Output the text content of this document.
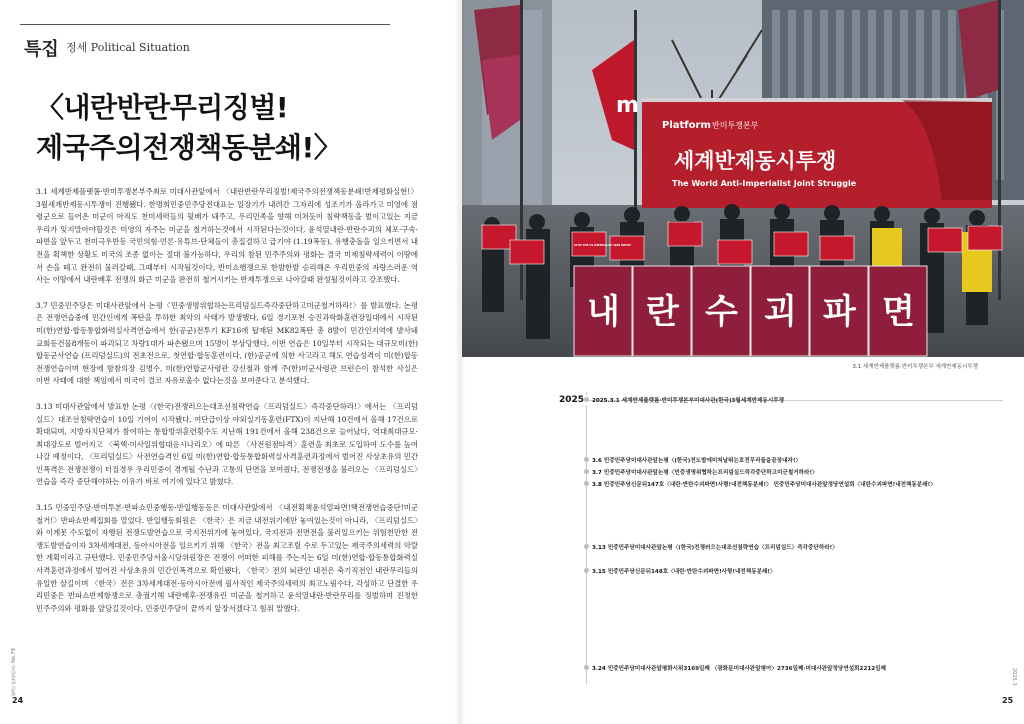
특집 정세 Political Situation
〈내란반란무리징벌!
제국주의전쟁책동분쇄!〉

3.1 세계반제플랫폼·반미투쟁본부주최로 미대사관앞에서 〈내란반란무리징벌!제국주의전쟁책동분쇄!반제평화실현!〉3월세계반제동시투쟁이 진행됐다. 한명희민중민주당전대표는 일장기가 내려간 그자리에 성조기가 올라가고 미영에 점령군으로 들어온 미군이 아직도 천미세력들의 뒷배가 돼주고, 우리민족을 향해 미쳐듯이 침략책동을 벌이고있는 지금 우리가 잊지말아야할것은 미영의 자주는 미군을 철거하는것에서 시작된다는것이다, 윤석열내란·반란수괴의 체포·구속·파면을 앞두고 천미극우반동 국민의힘·언론·유튜브·단체들이 총집결하고 급기야 (1.19폭동), 유행충돌을 일으키면서 내전을 획책한 상황도 미국의 조종 없이는 절대 불가능하다, 우리의 참된 민주주의와 평화는 결국 미제침략세력이 이땅에서 손을 떼고 완전히 물러갈때, 그때부터 시작될것이다, 반미쇼행쟁으로 한발한발 승리해온 우리민중의 자랑스러운 역사는 이땅에서 내란배후 전쟁의 화근 미군을 완전히 철거시키는 반제투쟁으로 나아갈때 완성될것이라고 강조했다.

3.7 민중민주당은 미대사관앞에서 논평〈민중생명위협하는프리덤실드즉각중단하고미군철거하라!〉를 발표했다. 논평은 전쟁연습중에 민간인에게 폭탄을 투하한 최악의 사태가 발생했다, 6일 경기포천 승진과학화훈련장일대에서 시작된 미(한)연합·합동통합화력실사격연습에서 한(공군)전투기 KF16에 탑재된 MK82폭탄 총 8발이 민간인지역에 발사돼 교회등건물8개동이 파괴되고 차량1대가 파손됐으며 15명이 부상당했다, 이번 연습은 10일부터 시작되는 대규모미(한)합동군사연습 (프리덤실드)의 전초전으로, 첫연합·합동훈련이다, (한)공군에 의한 사고라고 해도 연습성격이 미(한)합동전쟁연습이며 현장에 함참의장 김병수, 미(한)연합군사령관 강신철과 함께 주(한)미군사령관 브런슨이 참석한 사실은 이번 사태에 대한 책임에서 미국이 결코 자유로울수 없다는것을 보여준다고 분석했다.

3.13 미대사관앞에서 발표한 논평〈(한국)전쟁러으는대조선침략연습〈프리덤실드〉즉각중단하라!〉에서는 〈프리덤실드〉대조선침략연습이 10일 기어이 시작됐다, 여단급이상 야외실기동훈련(FTX)이 지난해 10건에서 올해 17건으로 확대되며, 지방자치단체가 참여하는 통합방위훈련횟수도 지난해 191건에서 올해 238건으로 늘어났다, 역대최대규모·최대강도로 벌어지고 〈북핵·미사일위협대응시나리오〉에 따른 〈사전원점타격〉훈련을 최초로 도입하여 도수를 높여나갈 예정이다, 〈프리덤실드〉사전연습격인 6일 미(한)연합·합동통합화력실사격훈련과정에서 벌어진 사상초유의 민간인폭격은 전쟁전쟁이 터질경우 우리민중이 겪게될 수난과 고통의 단면을 보여줬다, 전쟁전쟁을 불러오는 〈프리덤실드〉연습을 즉각 중단해야하는 이유가 바로 여기에 있다고 밝혔다.

3.15 민중민주당·반미투본·반파쇼민중행동·반일행동등은 미대사관앞에서 〈내전획책윤석열파면!핵전쟁연습중단!미군철거!〉반파쇼반제집회를 열었다. 반일행동회원은 〈한국〉은 지금 내전위기에만 놓여있는것이 아니라, 〈프리덤실드〉와 이계못 수도없이 자행된 전쟁도발연습으로 국지전위기에 놓여있다, 국지전과 전면전을 불러일으키는 위험천만한 전쟁도발연습이자 3차세계대전, 동아시아전을 일으키기 위해 〈한국〉전을 최고조릴 수로 두고있는 제국주의세력의 악랄한 계획이라고 규탄했다. 민중민주당서울시당위원장은 전쟁이 어떠한 피해를 주는지는 6일 미(한)연합·합동통합화력실사격훈련과정에서 벌어진 사상초유의 민간인폭격으로 확인됐다, 〈한국〉전의 뇌관인 내전은 축기직전인 내란무리들의 유일한 살길이며 〈한국〉전은 3차세계대전·동아시아전에 필사적인 제국주의세력의 최고노림수다, 각성하고 단결한 우리민중은 반파쇼반제항쟁으로 총궐기해 내란배후·전쟁유린 미군을 철거하고 윤석열내란·반란무리를 징벌하며 진정한 민주주의와 평화를 앞당길것이다, 민중민주당이 끝까지 앞장서겠다고 힘줘 말했다.

월간 민중민주 No.79
24
m
Platform 반미투쟁본부
세계반제동시투쟁
The World Anti-Imperialist Joint Struggle
STOP THE US IMPERIALIST WAR DRIVE!
내 란 수 괴 파 면
3.1 세계반제플랫폼·반미투쟁본부 세계반제동시투쟁
2025	2025.3.1 세계반제플랫폼·반미투쟁본부미대사관(한국)3월세계반제동시투쟁
3.6 민중민주당미대사관앞논평〈(한국)전도발에미쳐날뛰는호전무리들을끝장내자!〉
3.7 민중민주당미대사관앞논평〈민중생명위협하는프리덤실드즉각중단하고미군철거하라!〉
3.8 민중민주당신문뒤147호〈내란·반란수괴파면!사형!내전책동분쇄!〉 민중민주당미대사관앞정당연설회〈내란수괴파면!내전책동분쇄!〉
3.13 민중민주당미대사관앞논평〈(한국)전쟁러으는대조선침략연습〈프리덤실드〉즉각중단하라!〉
3.15 민중민주당신문뒤148호〈내란·반란수괴파면!사형!내전책동분쇄!〉
3.24 민중민주당미대사관앞평화시위3169일째 〈광화문미대사관앞평아〉2736일째·미대사관앞정당연설회2212일째	2025.3
25
